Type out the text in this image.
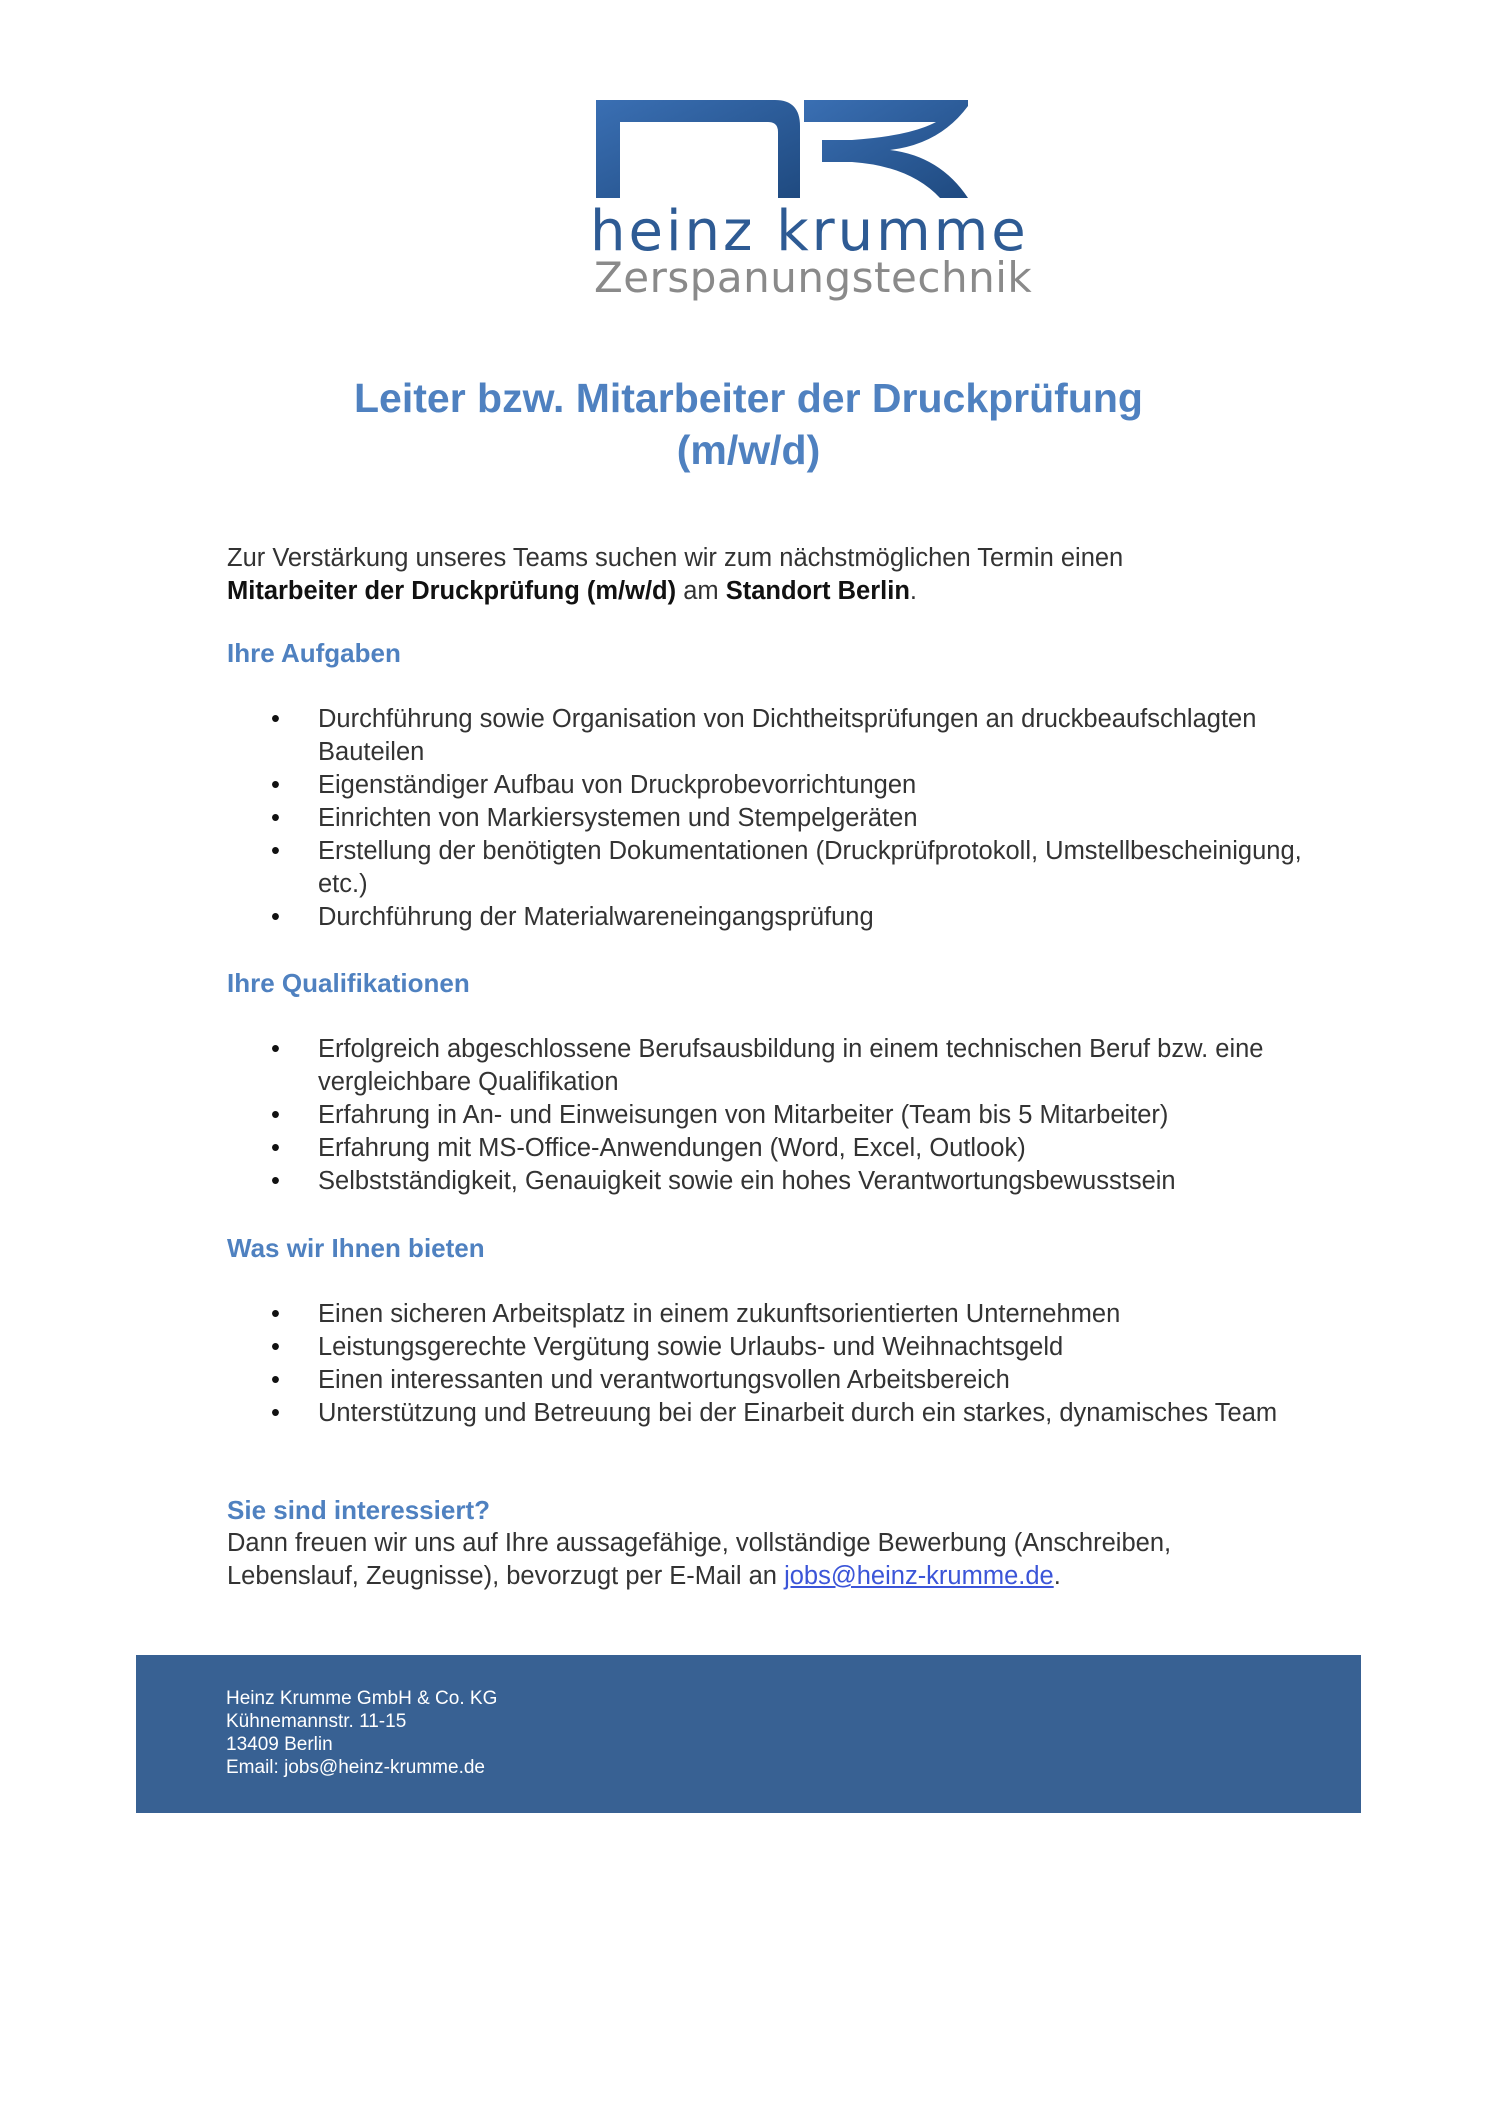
heinz krumme
Zerspanungstechnik
Leiter bzw. Mitarbeiter der Druckprüfung
(m/w/d)

Zur Verstärkung unseres Teams suchen wir zum nächstmöglichen Termin einen
Mitarbeiter der Druckprüfung (m/w/d) am Standort Berlin.

Ihre Aufgaben
• Durchführung sowie Organisation von Dichtheitsprüfungen an druckbeaufschlagten Bauteilen
• Eigenständiger Aufbau von Druckprobevorrichtungen
• Einrichten von Markiersystemen und Stempelgeräten
• Erstellung der benötigten Dokumentationen (Druckprüfprotokoll, Umstellbescheinigung, etc.)
• Durchführung der Materialwareneingangsprüfung
Ihre Qualifikationen
• Erfolgreich abgeschlossene Berufsausbildung in einem technischen Beruf bzw. eine vergleichbare Qualifikation
• Erfahrung in An- und Einweisungen von Mitarbeiter (Team bis 5 Mitarbeiter)
• Erfahrung mit MS-Office-Anwendungen (Word, Excel, Outlook)
• Selbstständigkeit, Genauigkeit sowie ein hohes Verantwortungsbewusstsein
Was wir Ihnen bieten
• Einen sicheren Arbeitsplatz in einem zukunftsorientierten Unternehmen
• Leistungsgerechte Vergütung sowie Urlaubs- und Weihnachtsgeld
• Einen interessanten und verantwortungsvollen Arbeitsbereich
• Unterstützung und Betreuung bei der Einarbeit durch ein starkes, dynamisches Team
Sie sind interessiert?

Dann freuen wir uns auf Ihre aussagefähige, vollständige Bewerbung (Anschreiben, Lebenslauf, Zeugnisse), bevorzugt per E-Mail an jobs@heinz-krumme.de.

Heinz Krumme GmbH & Co. KG
Kühnemannstr. 11-15
13409 Berlin
Email: jobs@heinz-krumme.de
